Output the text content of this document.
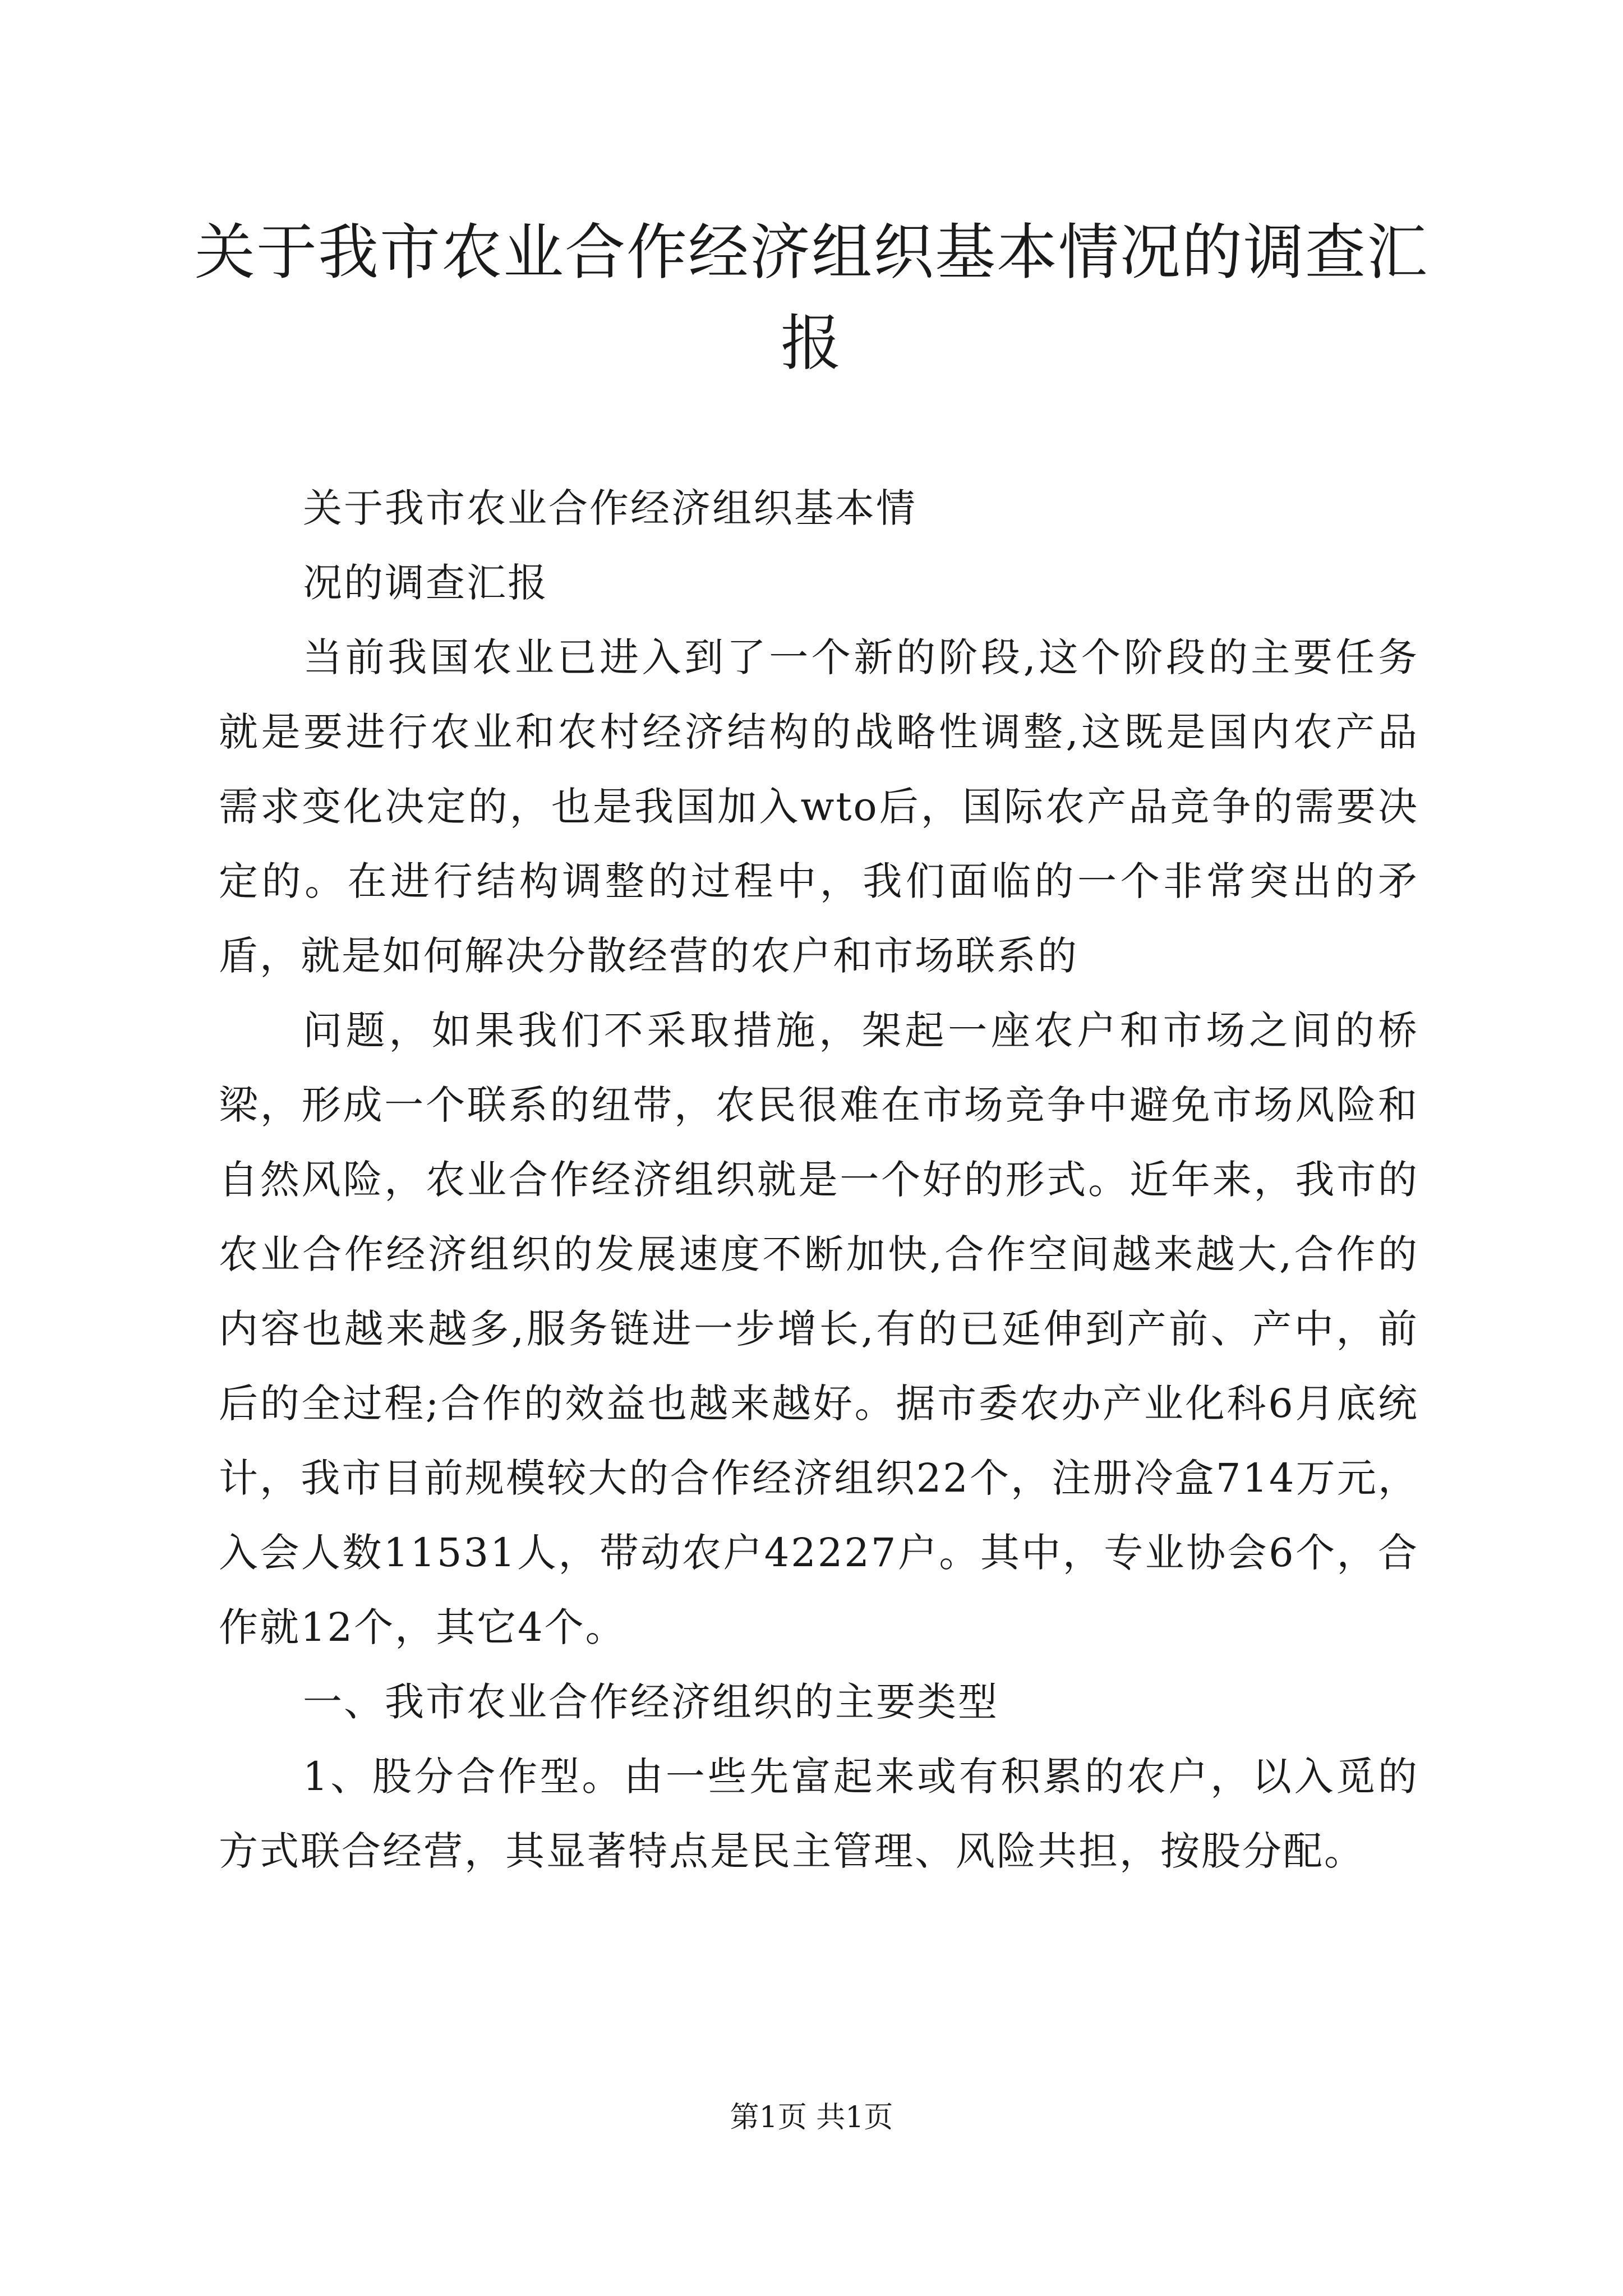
关于我市农业合作经济组织基本情况的调查汇报

关于我市农业合作经济组织基本情

况的调查汇报

当前我国农业已进入到了一个新的阶段,这个阶段的主要任务就是要进行农业和农村经济结构的战略性调整,这既是国内农产品需求变化决定的，也是我国加入wto后，国际农产品竞争的需要决定的。在进行结构调整的过程中，我们面临的一个非常突出的矛盾，就是如何解决分散经营的农户和市场联系的

问题，如果我们不采取措施，架起一座农户和市场之间的桥梁，形成一个联系的纽带，农民很难在市场竞争中避免市场风险和自然风险，农业合作经济组织就是一个好的形式。近年来，我市的农业合作经济组织的发展速度不断加快,合作空间越来越大,合作的内容也越来越多,服务链进一步增长,有的已延伸到产前、产中，前后的全过程;合作的效益也越来越好。据市委农办产业化科6月底统计，我市目前规模较大的合作经济组织22个，注册冷盒714万元，入会人数11531人，带动农户42227户。其中，专业协会6个，合作就12个，其它4个。

一、我市农业合作经济组织的主要类型

1、股分合作型。由一些先富起来或有积累的农户，以入觅的方式联合经营，其显著特点是民主管理、风险共担，按股分配。

第1页 共1页
